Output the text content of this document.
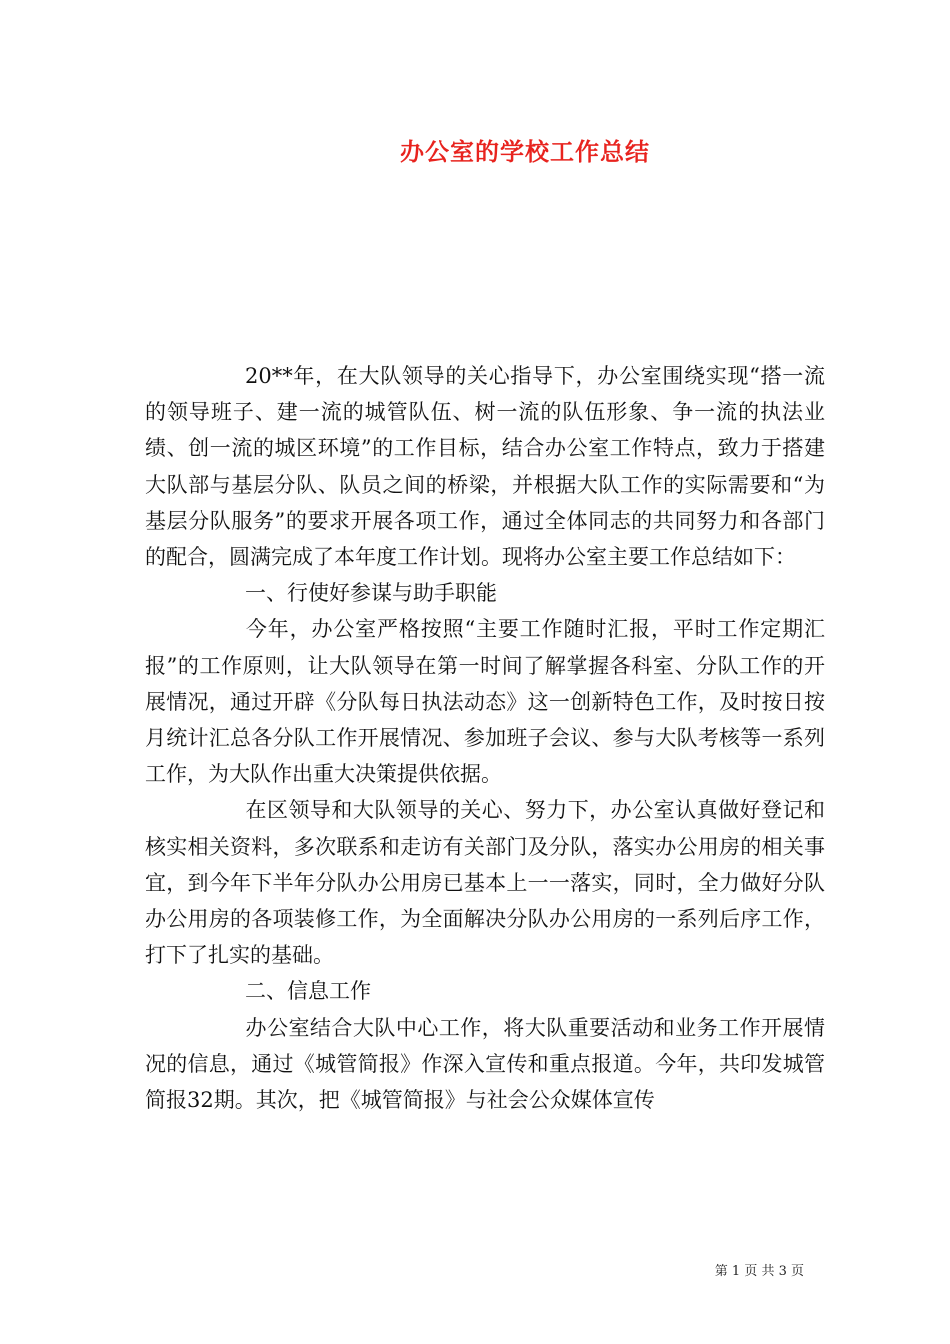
办公室的学校工作总结

20**年，在大队领导的关心指导下，办公室围绕实现“搭一流的领导班子、建一流的城管队伍、树一流的队伍形象、争一流的执法业绩、创一流的城区环境”的工作目标，结合办公室工作特点，致力于搭建大队部与基层分队、队员之间的桥梁，并根据大队工作的实际需要和“为基层分队服务”的要求开展各项工作，通过全体同志的共同努力和各部门的配合，圆满完成了本年度工作计划。现将办公室主要工作总结如下：

一、行使好参谋与助手职能

今年，办公室严格按照“主要工作随时汇报，平时工作定期汇报”的工作原则，让大队领导在第一时间了解掌握各科室、分队工作的开展情况，通过开辟《分队每日执法动态》这一创新特色工作，及时按日按月统计汇总各分队工作开展情况、参加班子会议、参与大队考核等一系列工作，为大队作出重大决策提供依据。

在区领导和大队领导的关心、努力下，办公室认真做好登记和核实相关资料，多次联系和走访有关部门及分队，落实办公用房的相关事宜，到今年下半年分队办公用房已基本上一一落实，同时，全力做好分队办公用房的各项装修工作，为全面解决分队办公用房的一系列后序工作，打下了扎实的基础。

二、信息工作

办公室结合大队中心工作，将大队重要活动和业务工作开展情况的信息，通过《城管简报》作深入宣传和重点报道。今年，共印发城管简报32期。其次，把《城管简报》与社会公众媒体宣传

第 1 页 共 3 页
